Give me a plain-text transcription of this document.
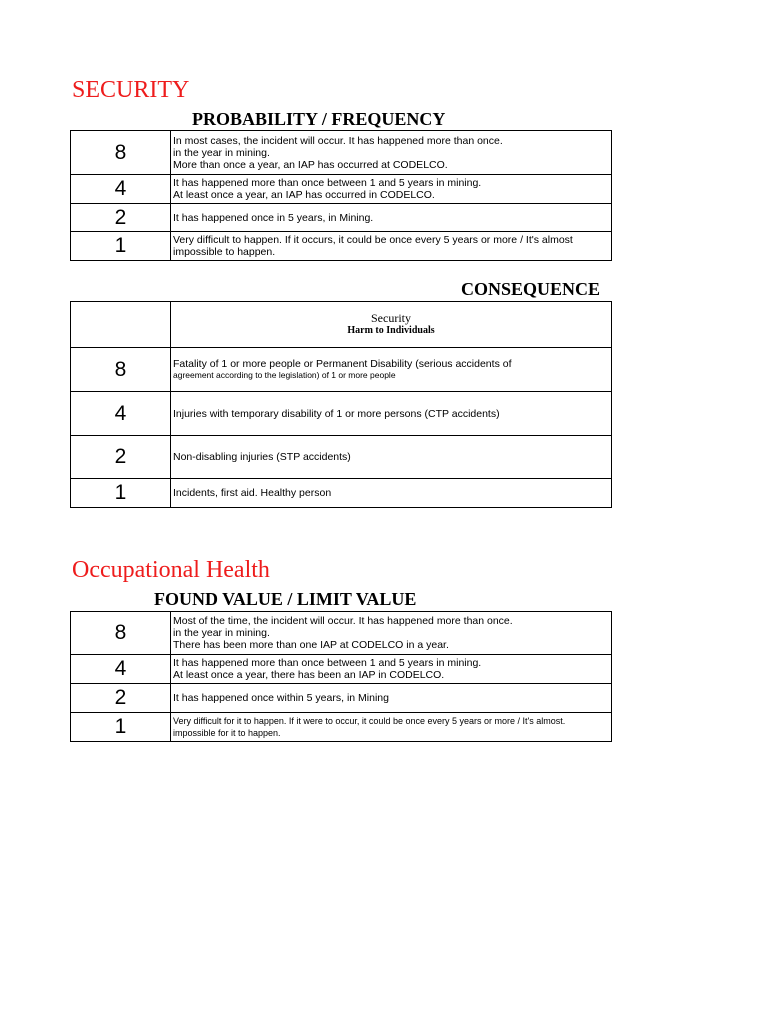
SECURITY
PROBABILITY / FREQUENCY
8	In most cases, the incident will occur. It has happened more than once.
in the year in mining.
More than once a year, an IAP has occurred at CODELCO.

4	It has happened more than once between 1 and 5 years in mining.
At least once a year, an IAP has occurred in CODELCO.

2	It has happened once in 5 years, in Mining.

1	Very difficult to happen. If it occurs, it could be once every 5 years or more / It's almost
impossible to happen.
CONSEQUENCE

	Security
Harm to Individuals

8	Fatality of 1 or more people or Permanent Disability (serious accidents of
agreement according to the legislation) of 1 or more people

4	Injuries with temporary disability of 1 or more persons (CTP accidents)

2	Non-disabling injuries (STP accidents)

1	Incidents, first aid. Healthy person
Occupational Health
FOUND VALUE / LIMIT VALUE
8	Most of the time, the incident will occur. It has happened more than once.
in the year in mining.
There has been more than one IAP at CODELCO in a year.

4	It has happened more than once between 1 and 5 years in mining.
At least once a year, there has been an IAP in CODELCO.

2	It has happened once within 5 years, in Mining

1	Very difficult for it to happen. If it were to occur, it could be once every 5 years or more / It's almost.
impossible for it to happen.
